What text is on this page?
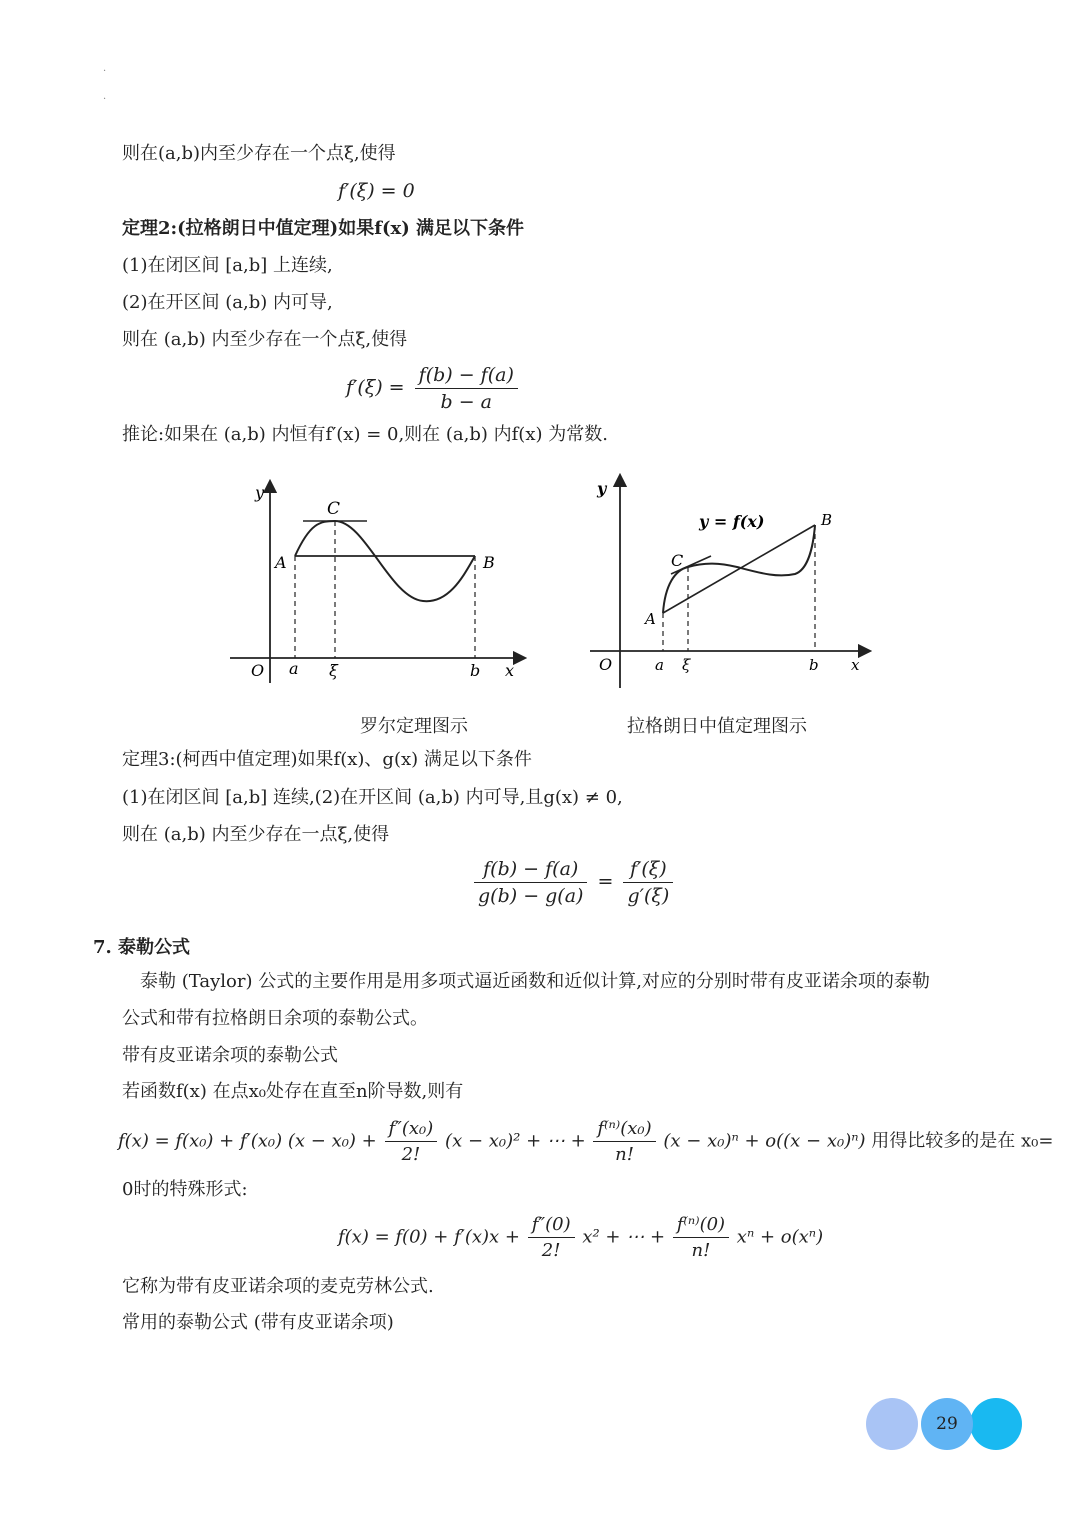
·
·
则在(a,b)内至少存在一个点ξ,使得
f′(ξ) = 0
定理2:(拉格朗日中值定理)如果f(x) 满足以下条件
(1)在闭区间 [a,b] 上连续,
(2)在开区间 (a,b) 内可导,
则在 (a,b) 内至少存在一个点ξ,使得
$f'(\xi) = \frac{f(b) - f(a)}{b - a}$
推论:如果在 (a,b) 内恒有f′(x) = 0,则在 (a,b) 内f(x) 为常数.
y
O a ξ	b x
A	B
C
罗尔定理图示
y
O	a ξ	b x
A
B
C
y = f(x)
拉格朗日中值定理图示
定理3:(柯西中值定理)如果f(x)、g(x) 满足以下条件
(1)在闭区间 [a,b] 连续,(2)在开区间 (a,b) 内可导,且g(x) ≠ 0,
则在 (a,b) 内至少存在一点ξ,使得
$\frac{f(b) - f(a)}{g(b) - g(a)} = \frac{f'(\xi)}{g'(\xi)}$
7. 泰勒公式
泰勒 (Taylor) 公式的主要作用是用多项式逼近函数和近似计算,对应的分别时带有皮亚诺余项的泰勒
公式和带有拉格朗日余项的泰勒公式。
带有皮亚诺余项的泰勒公式
若函数f(x) 在点x₀处存在直至n阶导数,则有
f(x) = f(x₀) + f′(x₀) $(x - x_0) + \frac{\text{f″(x₀)}}{2!} (x - x_0)^2$ + ⋯ + $\frac{\text{f⁽ⁿ⁾(x₀)}}{n!} (x - x_0)^n + o((x - x_0)^n)$ 用得比较多的是在 x₀=
0时的特殊形式:
$f(x) = f(0) + f'(x)x + \frac{f''(0)}{2!} x^2$ + ⋯ + $\frac{\text{f⁽ⁿ⁾(0)}}{n!}$ xⁿ + o(xⁿ)
它称为带有皮亚诺余项的麦克劳林公式.
常用的泰勒公式 (带有皮亚诺余项)
29
